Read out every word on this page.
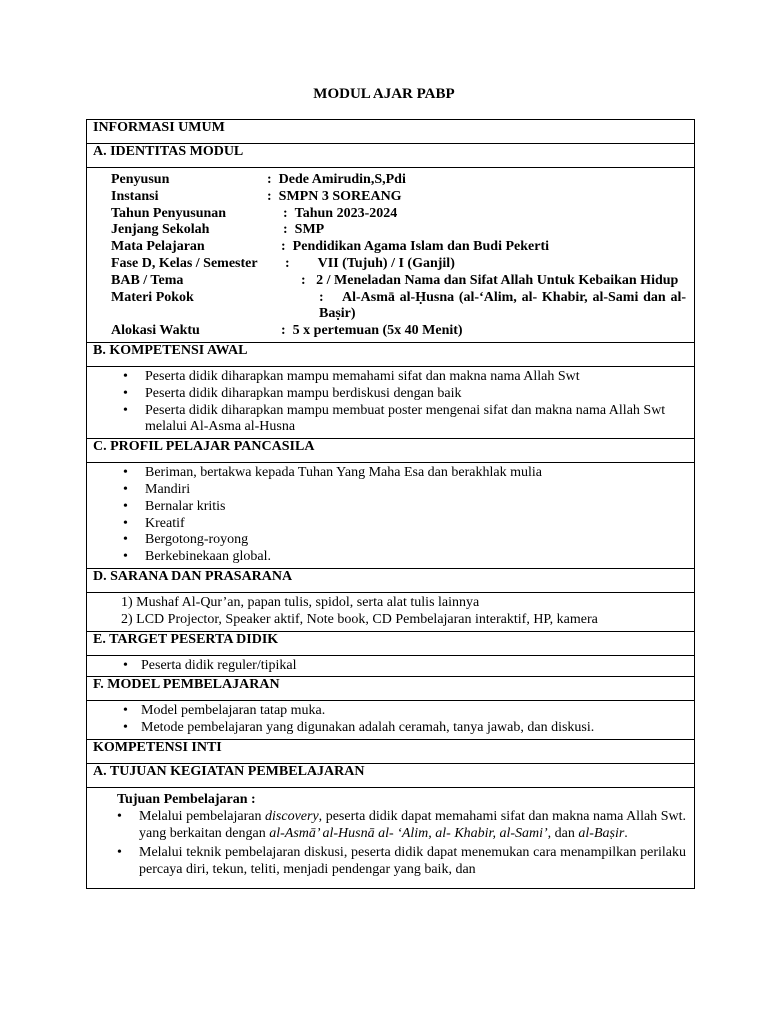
MODUL AJAR PABP
INFORMASI UMUM
A. IDENTITAS MODUL

Penyusun	:
Dede Amirudin,S,Pdi
Instansi	:
SMPN 3 SOREANG
Tahun Penyusunan	:
Tahun 2023-2024
Jenjang Sekolah	:
SMP
Mata Pelajaran	:
Pendidikan Agama Islam dan Budi Pekerti
Fase D, Kelas / Semester	:
VII (Tujuh) / I (Ganjil)
BAB / Tema	: 2 / Meneladan Nama dan Sifat Allah Untuk Kebaikan Hidup
Materi Pokok	: Al-Asmā al-Ḥusna (al-‘Alim, al- Khabir, al-Sami dan al-Baṣir)
Alokasi Waktu	:
5 x pertemuan (5x 40 Menit)

B. KOMPETENSI AWAL

• Peserta didik diharapkan mampu memahami sifat dan makna nama Allah Swt
• Peserta didik diharapkan mampu berdiskusi dengan baik
• Peserta didik diharapkan mampu membuat poster mengenai sifat dan makna nama Allah Swt melalui Al-Asma al-Husna

C. PROFIL PELAJAR PANCASILA

• Beriman, bertakwa kepada Tuhan Yang Maha Esa dan berakhlak mulia
• Mandiri
• Bernalar kritis
• Kreatif
• Bergotong-royong
• Berkebinekaan global.

D. SARANA DAN PRASARANA

1) Mushaf Al-Qur’an, papan tulis, spidol, serta alat tulis lainnya
2) LCD Projector, Speaker aktif, Note book, CD Pembelajaran interaktif, HP, kamera

E. TARGET PESERTA DIDIK

• Peserta didik reguler/tipikal

F. MODEL PEMBELAJARAN

• Model pembelajaran tatap muka.
• Metode pembelajaran yang digunakan adalah ceramah, tanya jawab, dan diskusi.

KOMPETENSI INTI
A. TUJUAN KEGIATAN PEMBELAJARAN

Tujuan Pembelajaran :
• Melalui pembelajaran discovery, peserta didik dapat memahami sifat dan makna nama Allah Swt. yang berkaitan dengan al-Asmā’ al-Husnā al- ‘Alim, al- Khabir, al-Sami’, dan al-Baṣir.
• Melalui teknik pembelajaran diskusi, peserta didik dapat menemukan cara menampilkan perilaku percaya diri, tekun, teliti, menjadi pendengar yang baik, dan
